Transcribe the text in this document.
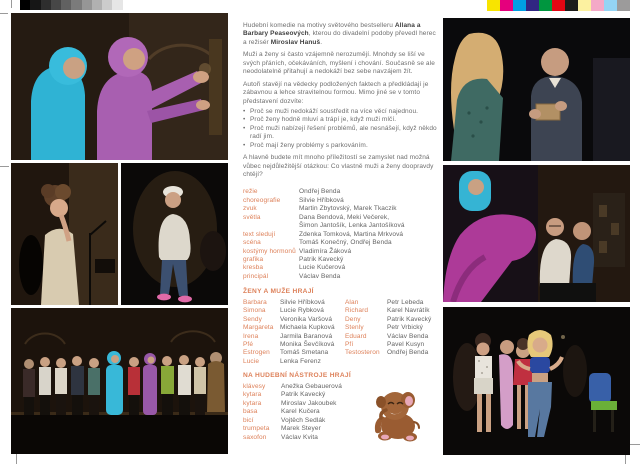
Hudební komedie na motivy světového bestselleru Allana a Barbary Peaseových, kterou do divadelní podoby převedl herec a režisér Miroslav Hanuš.

Muži a ženy si často vzájemně nerozumějí. Mnohdy se liší ve svých přáních, očekáváních, myšlení i chování. Současně se ale neodolatelně přitahují a nedokáží bez sebe navzájem žít.

Autoři stavějí na vědecky podložených faktech a předkládají je zábavnou a lehce stravitelnou formou. Mimo jiné se v tomto představení dozvíte:

• Proč se muži nedokáží soustředit na více věcí najednou.
• Proč ženy hodně mluví a trápí je, když muži mlčí.
• Proč muži nabízejí řešení problémů, ale nesnášejí, když někdo radí jim.
• Proč mají ženy problémy s parkováním.

A hlavně budete mít mnoho příležitostí se zamyslet nad možná vůbec nejdůležitější otázkou: Co vlastně muži a ženy doopravdy chtějí?

režie	Ondřej Benda
choreografie	Silvie Hříbková
zvuk	Martin Zbytovský, Marek Tkaczik
světla	Dana Bendová, Meki Večerek,
Šimon Jantošík, Lenka Jantošíková
text sledují	Zdenka Tomková, Martina Mrkvová
scéna	Tomáš Konečný, Ondřej Benda
kostýmy hormonů Vladimíra Žáková
grafika	Patrik Kavecký
kresba	Lucie Kučerová
principál	Václav Benda
ŽENY A MUŽE HRAJÍ
Barbara	Silvie Hříbková
Simona	Lucie Rybková
Sendy	Veronika Varšová
Margareta Michaela Kupková
Irena	Jarmila Baranová
Pfé	Monika Ševčíková
Estrogen	Tomáš Smetana
Lucie	Lenka Ferenz
Alan	Petr Lebeda
Richard	Karel Navrátík
Deny	Patrik Kavecký
Stenly	Petr Vrbický
Eduard	Václav Benda
Pfí	Pavel Kusyn
Testosteron	Ondřej Benda
NA HUDEBNÍ NÁSTROJE HRAJÍ
klávesy	Anežka Gebauerová
kytara	Patrik Kavecký
kytara	Miroslav Jakoubek
basa	Karel Kučera
bicí	Vojtěch Sedlák
trumpeta	Marek Steyer
saxofon	Václav Kvita
